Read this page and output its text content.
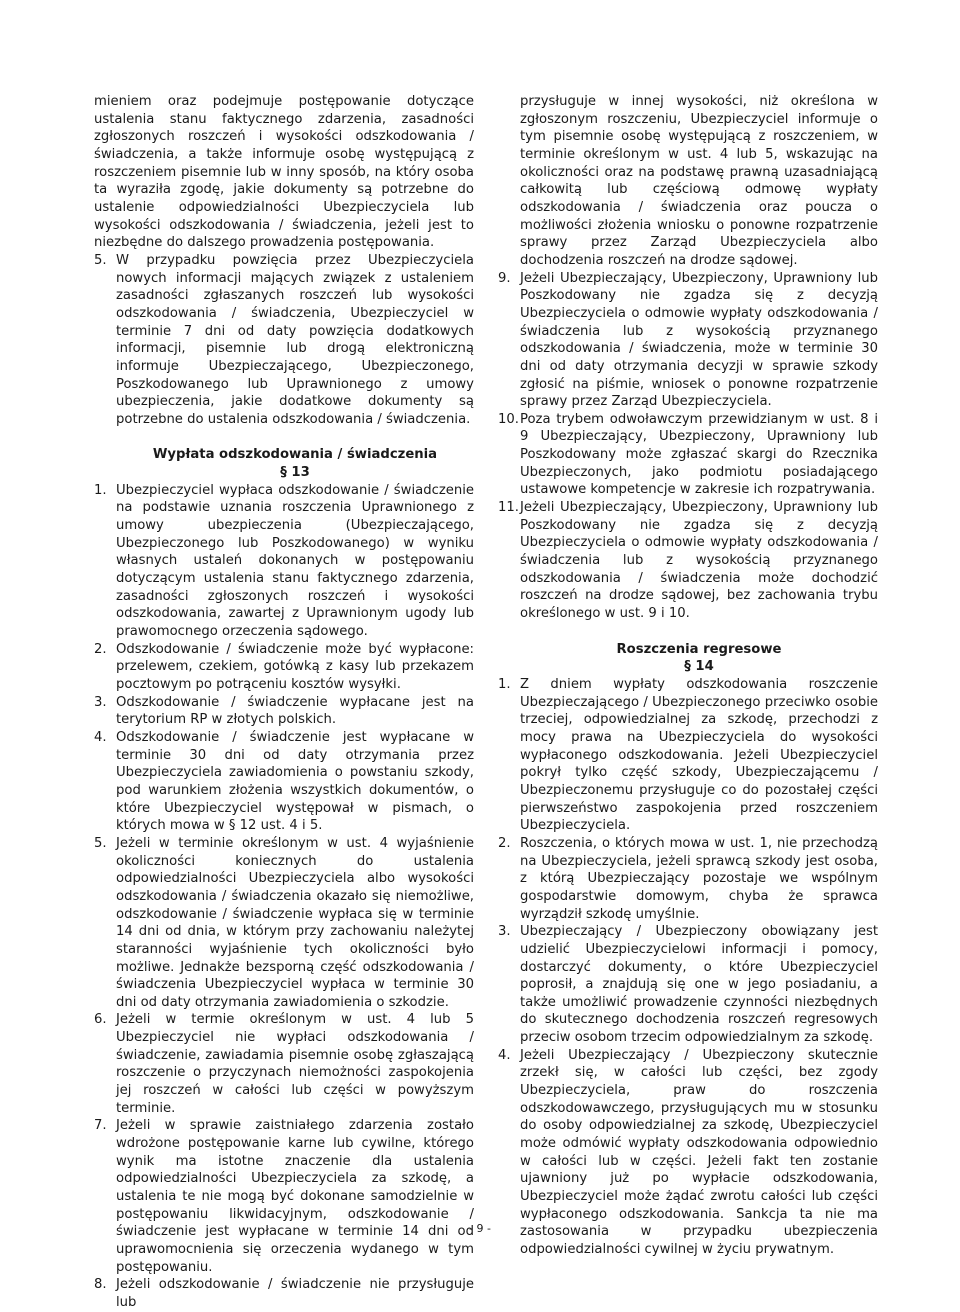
mieniem oraz podejmuje postępowanie dotyczące ustalenia stanu faktycznego zdarzenia, zasadności zgłoszonych roszczeń i wysokości odszkodowania / świadczenia, a także informuje osobę występującą z roszczeniem pisemnie lub w inny sposób, na który osoba ta wyraziła zgodę, jakie dokumenty są potrzebne do ustalenie odpowiedzialności Ubezpieczyciela lub wysokości odszkodowania / świadczenia, jeżeli jest to niezbędne do dalszego prowadzenia postępowania.

5. W przypadku powzięcia przez Ubezpieczyciela nowych informacji mających związek z ustaleniem zasadności zgłaszanych roszczeń lub wysokości odszkodowania / świadczenia, Ubezpieczyciel w terminie 7 dni od daty powzięcia dodatkowych informacji, pisemnie lub drogą elektroniczną informuje Ubezpieczającego, Ubezpieczonego, Poszkodowanego lub Uprawnionego z umowy ubezpieczenia, jakie dodatkowe dokumenty są potrzebne do ustalenia odszkodowania / świadczenia.

Wypłata odszkodowania / świadczenia

§ 13

1. Ubezpieczyciel wypłaca odszkodowanie / świadczenie na podstawie uznania roszczenia Uprawnionego z umowy ubezpieczenia (Ubezpieczającego, Ubezpieczonego lub Poszkodowanego) w wyniku własnych ustaleń dokonanych w postępowaniu dotyczącym ustalenia stanu faktycznego zdarzenia, zasadności zgłoszonych roszczeń i wysokości odszkodowania, zawartej z Uprawnionym ugody lub prawomocnego orzeczenia sądowego.
2. Odszkodowanie / świadczenie może być wypłacone: przelewem, czekiem, gotówką z kasy lub przekazem pocztowym po potrąceniu kosztów wysyłki.
3. Odszkodowanie / świadczenie wypłacane jest na terytorium RP w złotych polskich.
4. Odszkodowanie / świadczenie jest wypłacane w terminie 30 dni od daty otrzymania przez Ubezpieczyciela zawiadomienia o powstaniu szkody, pod warunkiem złożenia wszystkich dokumentów, o które Ubezpieczyciel występował w pismach, o których mowa w § 12 ust. 4 i 5.
5. Jeżeli w terminie określonym w ust. 4 wyjaśnienie okoliczności koniecznych do ustalenia odpowiedzialności Ubezpieczyciela albo wysokości odszkodowania / świadczenia okazało się niemożliwe, odszkodowanie / świadczenie wypłaca się w terminie 14 dni od dnia, w którym przy zachowaniu należytej staranności wyjaśnienie tych okoliczności było możliwe. Jednakże bezsporną część odszkodowania / świadczenia Ubezpieczyciel wypłaca w terminie 30 dni od daty otrzymania zawiadomienia o szkodzie.
6. Jeżeli w termie określonym w ust. 4 lub 5 Ubezpieczyciel nie wypłaci odszkodowania / świadczenie, zawiadamia pisemnie osobę zgłaszającą roszczenie o przyczynach niemożności zaspokojenia jej roszczeń w całości lub części w powyższym terminie.
7. Jeżeli w sprawie zaistniałego zdarzenia zostało wdrożone postępowanie karne lub cywilne, którego wynik ma istotne znaczenie dla ustalenia odpowiedzialności Ubezpieczyciela za szkodę, a ustalenia te nie mogą być dokonane samodzielnie w postępowaniu likwidacyjnym, odszkodowanie / świadczenie jest wypłacane w terminie 14 dni od uprawomocnienia się orzeczenia wydanego w tym postępowaniu.
8. Jeżeli odszkodowanie / świadczenie nie przysługuje lub

przysługuje w innej wysokości, niż określona w zgłoszonym roszczeniu, Ubezpieczyciel informuje o tym pisemnie osobę występującą z roszczeniem, w terminie określonym w ust. 4 lub 5, wskazując na okoliczności oraz na podstawę prawną uzasadniającą całkowitą lub częściową odmowę wypłaty odszkodowania / świadczenia oraz poucza o możliwości złożenia wniosku o ponowne rozpatrzenie sprawy przez Zarząd Ubezpieczyciela albo dochodzenia roszczeń na drodze sądowej.

9. Jeżeli Ubezpieczający, Ubezpieczony, Uprawniony lub Poszkodowany nie zgadza się z decyzją Ubezpieczyciela o odmowie wypłaty odszkodowania / świadczenia lub z wysokością przyznanego odszkodowania / świadczenia, może w terminie 30 dni od daty otrzymania decyzji w sprawie szkody zgłosić na piśmie, wniosek o ponowne rozpatrzenie sprawy przez Zarząd Ubezpieczyciela.
10. Poza trybem odwoławczym przewidzianym w ust. 8 i 9 Ubezpieczający, Ubezpieczony, Uprawniony lub Poszkodowany może zgłaszać skargi do Rzecznika Ubezpieczonych, jako podmiotu posiadającego ustawowe kompetencje w zakresie ich rozpatrywania.
11. Jeżeli Ubezpieczający, Ubezpieczony, Uprawniony lub Poszkodowany nie zgadza się z decyzją Ubezpieczyciela o odmowie wypłaty odszkodowania / świadczenia lub z wysokością przyznanego odszkodowania / świadczenia może dochodzić roszczeń na drodze sądowej, bez zachowania trybu określonego w ust. 9 i 10.

Roszczenia regresowe

§ 14

1. Z dniem wypłaty odszkodowania roszczenie Ubezpieczającego / Ubezpieczonego przeciwko osobie trzeciej, odpowiedzialnej za szkodę, przechodzi z mocy prawa na Ubezpieczyciela do wysokości wypłaconego odszkodowania. Jeżeli Ubezpieczyciel pokrył tylko część szkody, Ubezpieczającemu / Ubezpieczonemu przysługuje co do pozostałej części pierwszeństwo zaspokojenia przed roszczeniem Ubezpieczyciela.
2. Roszczenia, o których mowa w ust. 1, nie przechodzą na Ubezpieczyciela, jeżeli sprawcą szkody jest osoba, z którą Ubezpieczający pozostaje we wspólnym gospodarstwie domowym, chyba że sprawca wyrządził szkodę umyślnie.
3. Ubezpieczający / Ubezpieczony obowiązany jest udzielić Ubezpieczycielowi informacji i pomocy, dostarczyć dokumenty, o które Ubezpieczyciel poprosił, a znajdują się one w jego posiadaniu, a także umożliwić prowadzenie czynności niezbędnych do skutecznego dochodzenia roszczeń regresowych przeciw osobom trzecim odpowiedzialnym za szkodę.
4. Jeżeli Ubezpieczający / Ubezpieczony skutecznie zrzekł się, w całości lub części, bez zgody Ubezpieczyciela, praw do roszczenia odszkodowawczego, przysługujących mu w stosunku do osoby odpowiedzialnej za szkodę, Ubezpieczyciel może odmówić wypłaty odszkodowania odpowiednio w całości lub w części. Jeżeli fakt ten zostanie ujawniony już po wypłacie odszkodowania, Ubezpieczyciel może żądać zwrotu całości lub części wypłaconego odszkodowania. Sankcja ta nie ma zastosowania w przypadku ubezpieczenia odpowiedzialności cywilnej w życiu prywatnym.
- 9 -
